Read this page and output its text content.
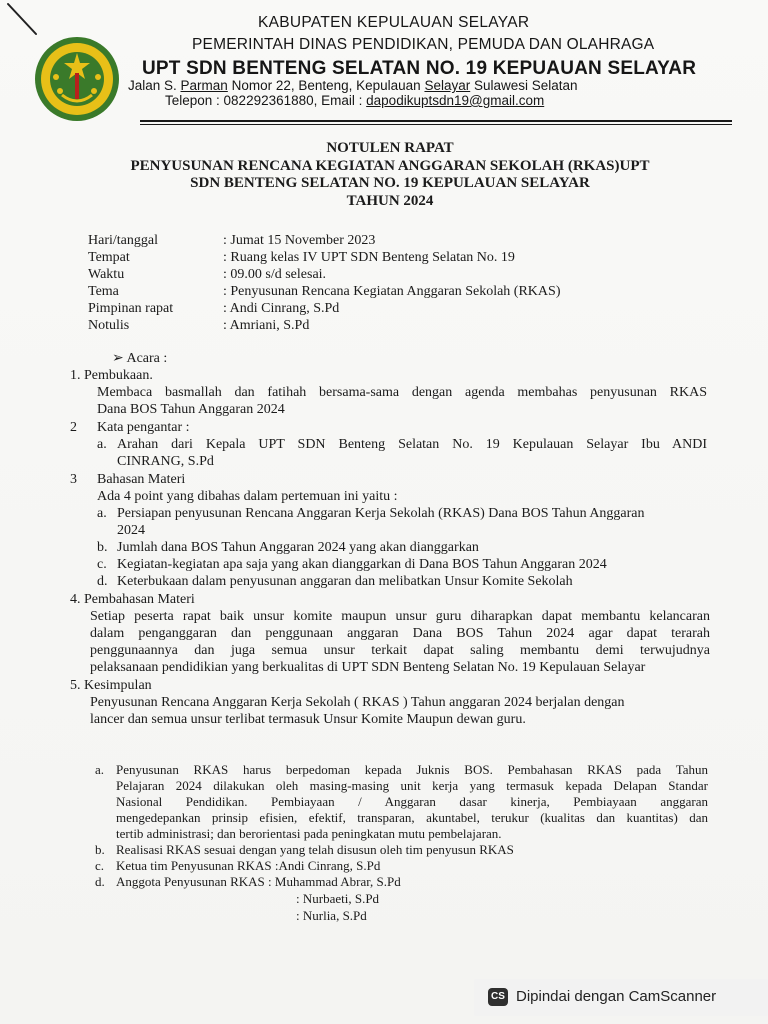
KABUPATEN KEPULAUAN SELAYAR
PEMERINTAH DINAS PENDIDIKAN, PEMUDA DAN OLAHRAGA
UPT SDN BENTENG SELATAN NO. 19 KEPUAUAN SELAYAR
Jalan S. Parman Nomor 22, Benteng, Kepulauan Selayar Sulawesi Selatan
Telepon : 082292361880, Email : dapodikuptsdn19@gmail.com
NOTULEN RAPAT
PENYUSUNAN RENCANA KEGIATAN ANGGARAN SEKOLAH (RKAS)UPT
SDN BENTENG SELATAN NO. 19 KEPULAUAN SELAYAR
TAHUN 2024
Hari/tanggal	: Jumat 15 November 2023
Tempat	: Ruang kelas IV UPT SDN Benteng Selatan No. 19
Waktu	: 09.00 s/d selesai.
Tema	: Penyusunan Rencana Kegiatan Anggaran Sekolah (RKAS)
Pimpinan rapat	: Andi Cinrang, S.Pd
Notulis	: Amriani, S.Pd
➢ Acara :
1. Pembukaan.
Membaca basmallah dan fatihah bersama-sama dengan agenda membahas penyusunan RKAS
Dana BOS Tahun Anggaran 2024
2 Kata pengantar :
a. Arahan dari Kepala UPT SDN Benteng Selatan No. 19 Kepulauan Selayar Ibu ANDI
CINRANG, S.Pd
3 Bahasan Materi
Ada 4 point yang dibahas dalam pertemuan ini yaitu :
a. Persiapan penyusunan Rencana Anggaran Kerja Sekolah (RKAS) Dana BOS Tahun Anggaran
2024
b. Jumlah dana BOS Tahun Anggaran 2024 yang akan dianggarkan
c. Kegiatan-kegiatan apa saja yang akan dianggarkan di Dana BOS Tahun Anggaran 2024
d. Keterbukaan dalam penyusunan anggaran dan melibatkan Unsur Komite Sekolah
4. Pembahasan Materi
Setiap peserta rapat baik unsur komite maupun unsur guru diharapkan dapat membantu kelancaran
dalam penganggaran dan penggunaan anggaran Dana BOS Tahun 2024 agar dapat terarah
penggunaannya dan juga semua unsur terkait dapat saling membantu demi terwujudnya
pelaksanaan pendidikian yang berkualitas di UPT SDN Benteng Selatan No. 19 Kepulauan Selayar
5. Kesimpulan
Penyusunan Rencana Anggaran Kerja Sekolah ( RKAS ) Tahun anggaran 2024 berjalan dengan
lancer dan semua unsur terlibat termasuk Unsur Komite Maupun dewan guru.
a. Penyusunan RKAS harus berpedoman kepada Juknis BOS. Pembahasan RKAS pada Tahun
Pelajaran 2024 dilakukan oleh masing-masing unit kerja yang termasuk kepada Delapan Standar
Nasional Pendidikan. Pembiayaan / Anggaran dasar kinerja, Pembiayaan anggaran
mengedepankan prinsip efisien, efektif, transparan, akuntabel, terukur (kualitas dan kuantitas) dan
tertib administrasi; dan berorientasi pada peningkatan mutu pembelajaran.
b. Realisasi RKAS sesuai dengan yang telah disusun oleh tim penyusun RKAS
c. Ketua tim Penyusunan RKAS :Andi Cinrang, S.Pd
d. Anggota Penyusunan RKAS : Muhammad Abrar, S.Pd
: Nurbaeti, S.Pd
: Nurlia, S.Pd
CS Dipindai dengan CamScanner
